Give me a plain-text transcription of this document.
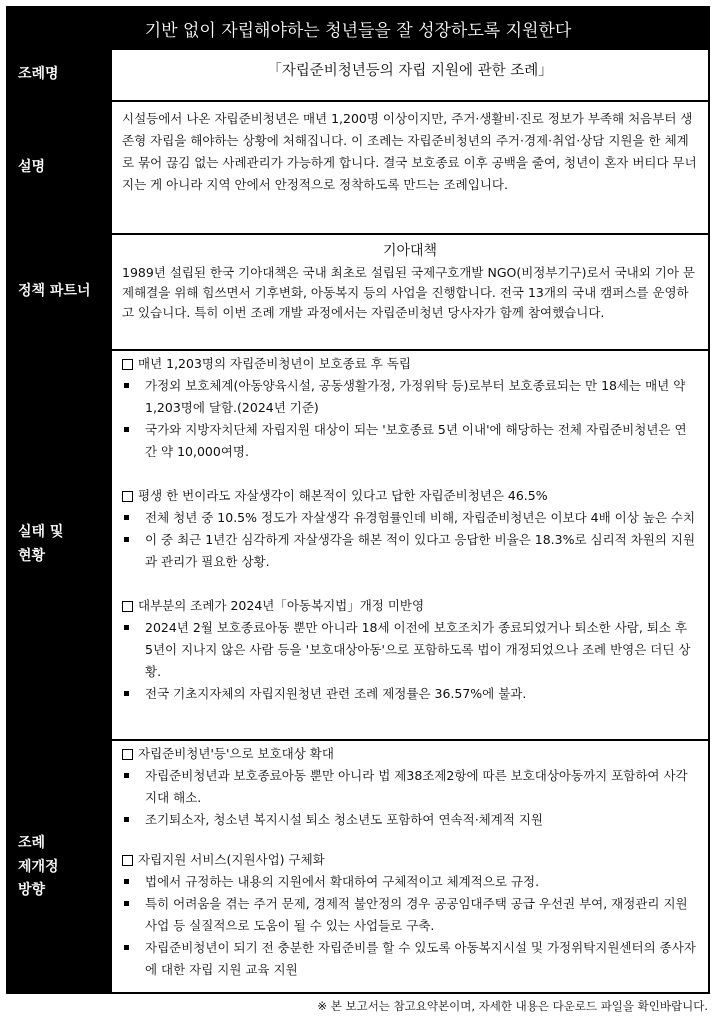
기반 없이 자립해야하는 청년들을 잘 성장하도록 지원한다
조례명	「자립준비청년등의 자립 지원에 관한 조례」
설명
시설등에서 나온 자립준비청년은 매년 1,200명 이상이지만, 주거·생활비·진로 정보가 부족해 처음부터 생존형 자립을 해야하는 상황에 처해집니다. 이 조례는 자립준비청년의 주거·경제·취업·상담 지원을 한 체계로 묶어 끊김 없는 사례관리가 가능하게 합니다. 결국 보호종료 이후 공백을 줄여, 청년이 혼자 버티다 무너지는 게 아니라 지역 안에서 안정적으로 정착하도록 만드는 조례입니다.
정책 파트너
기아대책
1989년 설립된 한국 기아대책은 국내 최초로 설립된 국제구호개발 NGO(비정부기구)로서 국내외 기아 문제해결을 위해 힘쓰면서 기후변화, 아동복지 등의 사업을 진행합니다. 전국 13개의 국내 캠퍼스를 운영하고 있습니다. 특히 이번 조례 개발 과정에서는 자립준비청년 당사자가 함께 참여했습니다.
실태 및
현황
매년 1,203명의 자립준비청년이 보호종료 후 독립
가정외 보호체계(아동양육시설, 공동생활가정, 가정위탁 등)로부터 보호종료되는 만 18세는 매년 약 1,203명에 달함.(2024년 기준)
국가와 지방자치단체 자립지원 대상이 되는 '보호종료 5년 이내'에 해당하는 전체 자립준비청년은 연간 약 10,000여명.
평생 한 번이라도 자살생각이 해본적이 있다고 답한 자립준비청년은 46.5%
전체 청년 중 10.5% 정도가 자살생각 유경험률인데 비해, 자립준비청년은 이보다 4배 이상 높은 수치
이 중 최근 1년간 심각하게 자살생각을 해본 적이 있다고 응답한 비율은 18.3%로 심리적 차원의 지원과 관리가 필요한 상황.
대부분의 조례가 2024년「아동복지법」개정 미반영
2024년 2월 보호종료아동 뿐만 아니라 18세 이전에 보호조치가 종료되었거나 퇴소한 사람, 퇴소 후 5년이 지나지 않은 사람 등을 '보호대상아동'으로 포함하도록 법이 개정되었으나 조례 반영은 더딘 상황.
전국 기초지자체의 자립지원청년 관련 조례 제정률은 36.57%에 불과.
조례
제개정
방향
자립준비청년'등'으로 보호대상 확대
자립준비청년과 보호종료아동 뿐만 아니라 법 제38조제2항에 따른 보호대상아동까지 포함하여 사각지대 해소.
조기퇴소자, 청소년 복지시설 퇴소 청소년도 포함하여 연속적·체계적 지원
자립지원 서비스(지원사업) 구체화
법에서 규정하는 내용의 지원에서 확대하여 구체적이고 체계적으로 규정.
특히 어려움을 겪는 주거 문제, 경제적 불안정의 경우 공공임대주택 공급 우선권 부여, 재정관리 지원 사업 등 실질적으로 도움이 될 수 있는 사업들로 구축.
자립준비청년이 되기 전 충분한 자립준비를 할 수 있도록 아동복지시설 및 가정위탁지원센터의 종사자에 대한 자립 지원 교육 지원
※ 본 보고서는 참고요약본이며, 자세한 내용은 다운로드 파일을 확인바랍니다.
